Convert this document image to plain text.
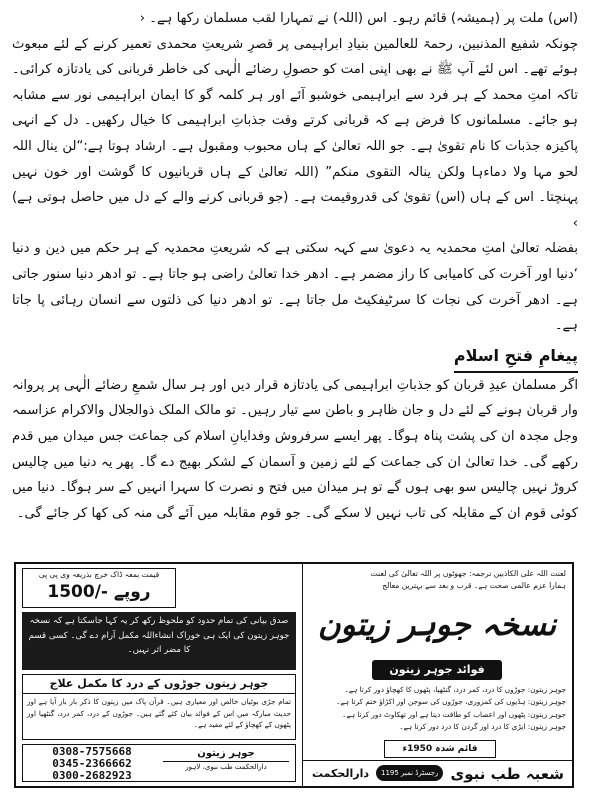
(اس) ملت پر (ہمیشہ) قائم رہو۔ اس (اللہ) نے تمہارا لقب مسلمان رکھا ہے۔ ‹

چونکہ شفیع المذنبین، رحمۃ للعالمین بنیادِ ابراہیمی پر قصرِ شریعتِ محمدی تعمیر کرنے کے لئے مبعوث ہوئے تھے۔ اس لئے آپ ﷺ نے بھی اپنی امت کو حصولِ رضائے الٰہی کی خاطر قربانی کی یادتازہ کرائی۔ تاکہ امتِ محمد کے ہر فرد سے ابراہیمی خوشبو آئے اور ہر کلمہ گو کا ایمان ابراہیمی نور سے مشابہ ہو جائے۔ مسلمانوں کا فرض ہے کہ قربانی کرتے وقت جذباتِ ابراہیمی کا خیال رکھیں۔ دل کے انہی پاکیزہ جذبات کا نام تقویٰ ہے۔ جو اللہ تعالیٰ کے ہاں محبوب ومقبول ہے۔ ارشاد ہوتا ہے:“لن ینال اللہ لحو مہا ولا دماءہا ولکن ینالہ التقوی منکم” (اللہ تعالیٰ کے ہاں قربانیوں کا گوشت اور خون نہیں پہنچتا۔ اس کے ہاں (اس) تقویٰ کی قدروقیمت ہے۔ (جو قربانی کرنے والے کے دل میں حاصل ہوتی ہے) ›

بفضلہ تعالیٰ امتِ محمدیہ یہ دعویٰ سے کہہ سکتی ہے کہ شریعتِ محمدیہ کے ہر حکم میں دین و دنیا ‘دنیا اور آخرت کی کامیابی کا راز مضمر ہے۔ ادھر خدا تعالیٰ راضی ہو جاتا ہے۔ تو ادھر دنیا سنور جاتی ہے۔ ادھر آخرت کی نجات کا سرٹیفکیٹ مل جاتا ہے۔ تو ادھر دنیا کی ذلتوں سے انسان رہائی پا جاتا ہے۔

پیغامِ فتحِ اسلام

اگر مسلمان عیدِ قربان کو جذباتِ ابراہیمی کی یادتازہ قرار دیں اور ہر سال شمعِ رضائے الٰہی پر پروانہ وار قربان ہونے کے لئے دل و جان ظاہر و باطن سے تیار رہیں۔ تو مالک الملک ذوالجلال والاکرام عزاسمہ وجل مجدہ ان کی پشت پناہ ہوگا۔ پھر ایسے سرفروش وفدایانِ اسلام کی جماعت جس میدان میں قدم رکھے گی۔ خدا تعالیٰ ان کی جماعت کے لئے زمین و آسمان کے لشکر بھیج دے گا۔ پھر یہ دنیا میں چالیس کروڑ نہیں چالیس سو بھی ہوں گے تو ہر میدان میں فتح و نصرت کا سہرا انہیں کے سر ہوگا۔ دنیا میں کوئی قوم ان کے مقابلہ کی تاب نہیں لا سکے گی۔ جو قوم مقابلہ میں آئے گی منہ کی کھا کر جائے گی۔

قیمت بمعہ ڈاک خرچ بذریعہ وی پی پی
1500/- روپے
صدق بیانی کی تمام حدود کو ملحوظ رکھ کر یہ کہا جاسکتا ہے کہ نسخہ جوہر زیتون کی ایک ہی خوراک انشاءاللہ مکمل آرام دے گی۔ کسی قسم کا مضر اثر نہیں۔
جوہر زیتون جوڑوں کے درد کا مکمل علاج
تمام جڑی بوٹیاں خالص اور معیاری ہیں۔ قرآن پاک میں زیتون کا ذکر بار بار آیا ہے اور حدیث مبارکہ میں اس کے فوائد بیان کئے گئے ہیں۔ جوڑوں کے درد، کمر درد، گنٹھیا اور پٹھوں کے کھچاؤ کے لئے مفید ہے۔
0308-7575668
0345-2366662
0300-2682923
جوہر زیتون
دارالحکمت طب نبوی، لاہور
لعنت اللہ علی الکاذبین ترجمہ: جھوٹوں پر اللہ تعالیٰ کی لعنت
ہمارا عزم عالمی صحت ہے۔ قرب و بعد سے بہترین معالج
نسخہ جوہر زیتون
فوائد جوہر زیتون
جوہر زیتون: جوڑوں کا درد، کمر درد، گنٹھیا، پٹھوں کا کھچاؤ دور کرتا ہے۔
جوہر زیتون: ہڈیوں کی کمزوری، جوڑوں کی سوجن اور اکڑاؤ ختم کرتا ہے۔
جوہر زیتون: پٹھوں اور اعصاب کو طاقت دیتا ہے اور تھکاوٹ دور کرتا ہے۔
جوہر زیتون: ایڑی کا درد اور گردن کا درد دور کرتا ہے۔
قائم شدہ 1950ء
شعبہ طب نبوی
رجسٹرڈ نمبر 1195
دارالحکمت
